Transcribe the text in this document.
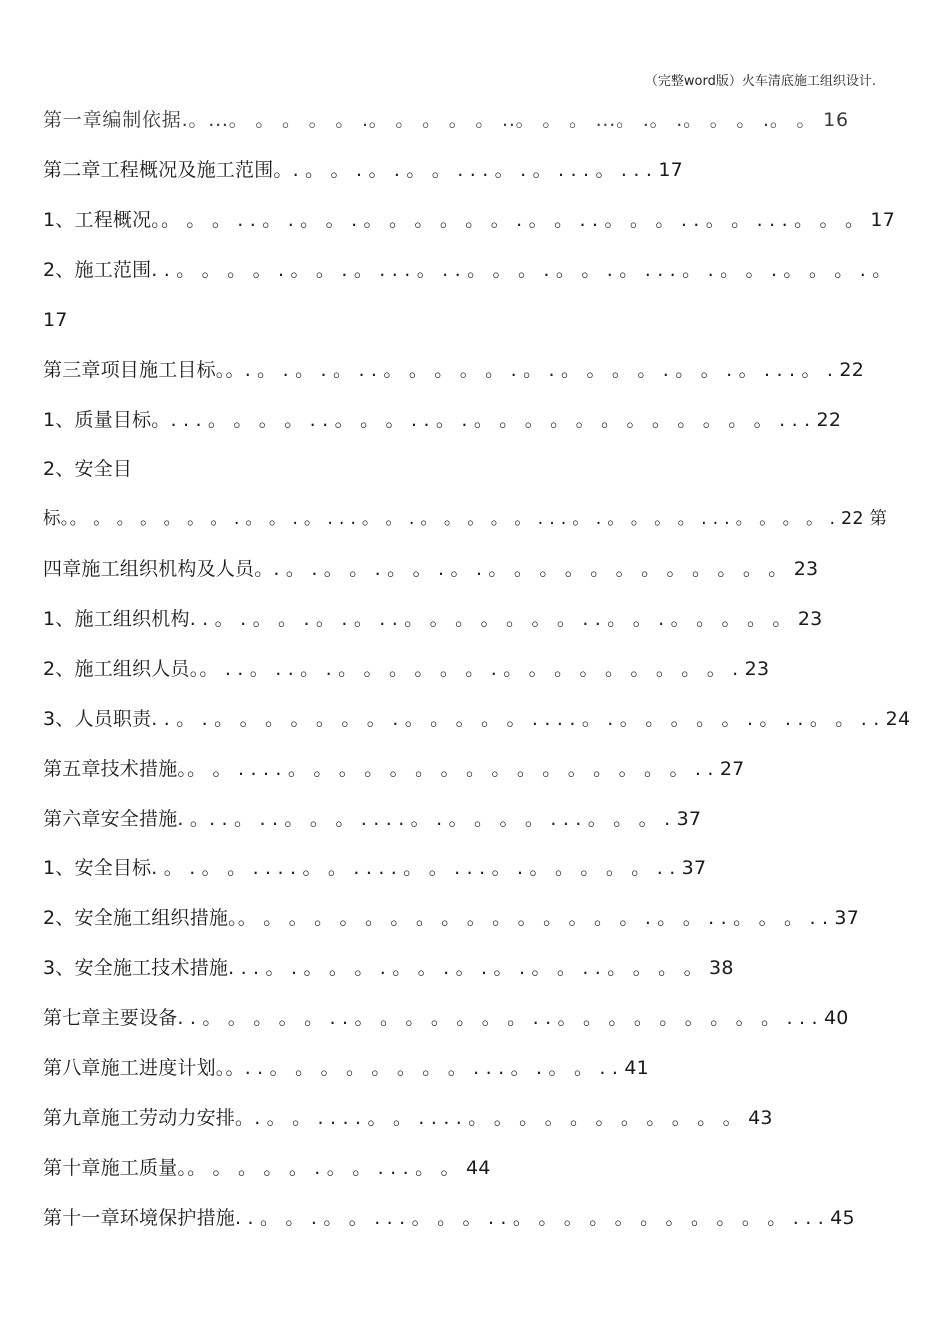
（完整word版）火车清底施工组织设计.
第一章编制依据.。...。 。 。 。 。 .。 。 。 。 。 ..。 。 。 ...。 .。 .。 。 。 .。 。 16
第二章工程概况及施工范围。. 。 。 . 。 . 。 。 . . . 。 . 。 . . . 。 . . . 17
1、工程概况。。 。 。 . . 。 . 。 。 . 。 。 。 。 。 。 . 。 。 . . 。 。 。 . . 。 。 . . . 。 。 。 17
2、施工范围. . 。 。 。 。 . 。 。 . 。 . . . 。 . . 。 。 。 . 。 。 . 。 . . . 。 . 。 。 . 。 。 。 . 。
17
第三章项目施工目标。。. 。 . 。 . 。 . . 。 。 。 。 。 . 。 . 。 。 。 。 . 。 。 . 。 . . . 。 . 22
1、质量目标。. . . 。 。 。 。 . . 。 。 。 . . 。 . 。 。 。 。 。 。 。 。 。 。 。 。 . . . 22
2、安全目
标。。 。 。 。 。 。 。 . 。 。 . 。 . . . 。 。 . 。 。 。 。 。 . . . 。 . 。 。 。 。 . . . 。 。 。 。 . 22 第
四章施工组织机构及人员。. 。 . 。 。 . 。 。 . 。 . 。 。 。 。 。 。 。 。 。 。 。 。 23
1、施工组织机构. . 。 . 。 。 . 。 . 。 . . 。 。 。 。 。 。 。 . . 。 。 . 。 。 。 。 。 23
2、施工组织人员。。 . . 。 . . 。 . 。 。 。 。 。 。 . 。 。 。 。 。 。 。 。 。 . 23
3、人员职责. . 。 . 。 。 。 。 。 。 。 . 。 。 。 。 。 . . . . 。 . 。 。 。 。 。 . 。 . . 。 。 . . 24
第五章技术措施。。 。 . . . . 。 。 。 。 。 。 。 。 。 。 。 。 。 。 。 。 . . 27
第六章安全措施. 。. . 。 . . 。 。 。 . . . . 。 . 。 。 。 。 . . . 。 。 。 . 37
1、安全目标. 。 . 。 。 . . . . 。 。 . . . . 。 。 . . . 。 . 。 。 。 。 。 . . 37
2、安全施工组织措施。。 。 。 。 。 。 。 。 。 。 。 。 。 。 。 。 . 。 。 . . 。 。 。 . . 37
3、安全施工技术措施. . . 。 . 。 。 。 . 。 。 . 。 . 。 . 。 。 . . 。 。 。 。 38
第七章主要设备. . 。 。 。 。 。 . . 。 。 。 。 。 。 。 . . 。 。 。 。 。 。 。 。 。 . . . 40
第八章施工进度计划。。. . 。 。 。 。 。 。 。 。 . . . 。 . 。 。 . . 41
第九章施工劳动力安排。. 。 。 . . . . 。 。 . . . . 。 。 。 。 。 。 。 。 。 。 。 43
第十章施工质量。。 。 。 。 。 . 。 。 . . . 。 。 44
第十一章环境保护措施. . 。 。 . 。 。 . . . 。 。 。 . . 。 。 。 。 。 。 。 。 。 。 。 . . . 45
